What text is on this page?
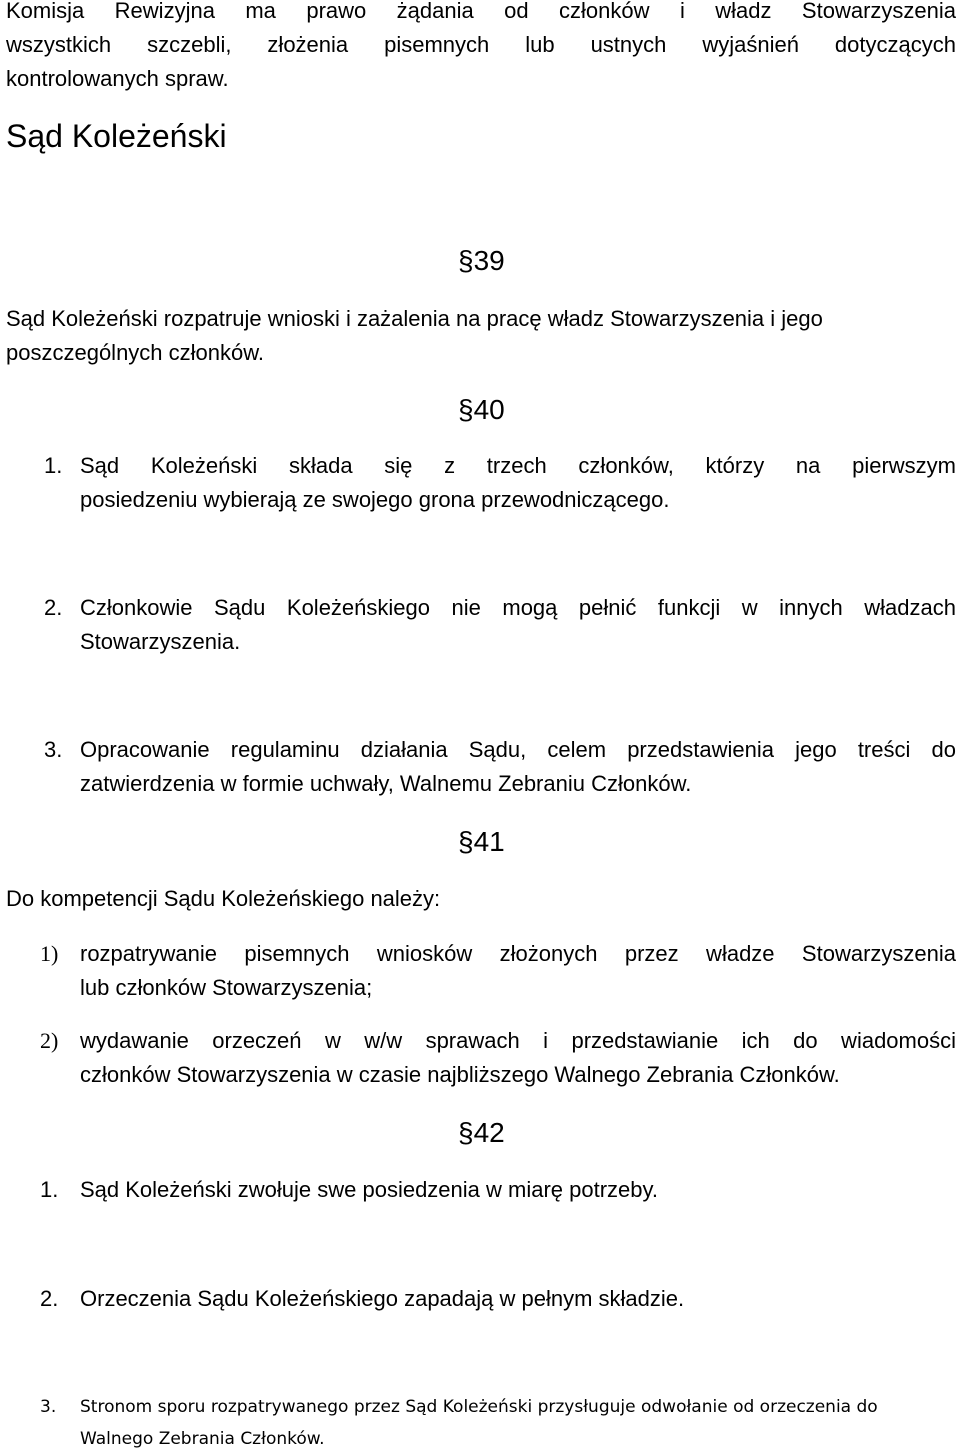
Komisja Rewizyjna ma prawo żądania od członków i władz Stowarzyszenia
wszystkich szczebli, złożenia pisemnych lub ustnych wyjaśnień dotyczących
kontrolowanych spraw.
Sąd Koleżeński
§39
Sąd Koleżeński rozpatruje wnioski i zażalenia na pracę władz Stowarzyszenia i jego
poszczególnych członków.
§40
1. Sąd Koleżeński składa się z trzech członków, którzy na pierwszym
posiedzeniu wybierają ze swojego grona przewodniczącego.
2. Członkowie Sądu Koleżeńskiego nie mogą pełnić funkcji w innych władzach
Stowarzyszenia.
3. Opracowanie regulaminu działania Sądu, celem przedstawienia jego treści do
zatwierdzenia w formie uchwały, Walnemu Zebraniu Członków.
§41
Do kompetencji Sądu Koleżeńskiego należy:
1) rozpatrywanie pisemnych wniosków złożonych przez władze Stowarzyszenia
lub członków Stowarzyszenia;
2) wydawanie orzeczeń w w/w sprawach i przedstawianie ich do wiadomości
członków Stowarzyszenia w czasie najbliższego Walnego Zebrania Członków.
§42
1. Sąd Koleżeński zwołuje swe posiedzenia w miarę potrzeby.
2. Orzeczenia Sądu Koleżeńskiego zapadają w pełnym składzie.
3. Stronom sporu rozpatrywanego przez Sąd Koleżeński przysługuje odwołanie od orzeczenia do
Walnego Zebrania Członków.
